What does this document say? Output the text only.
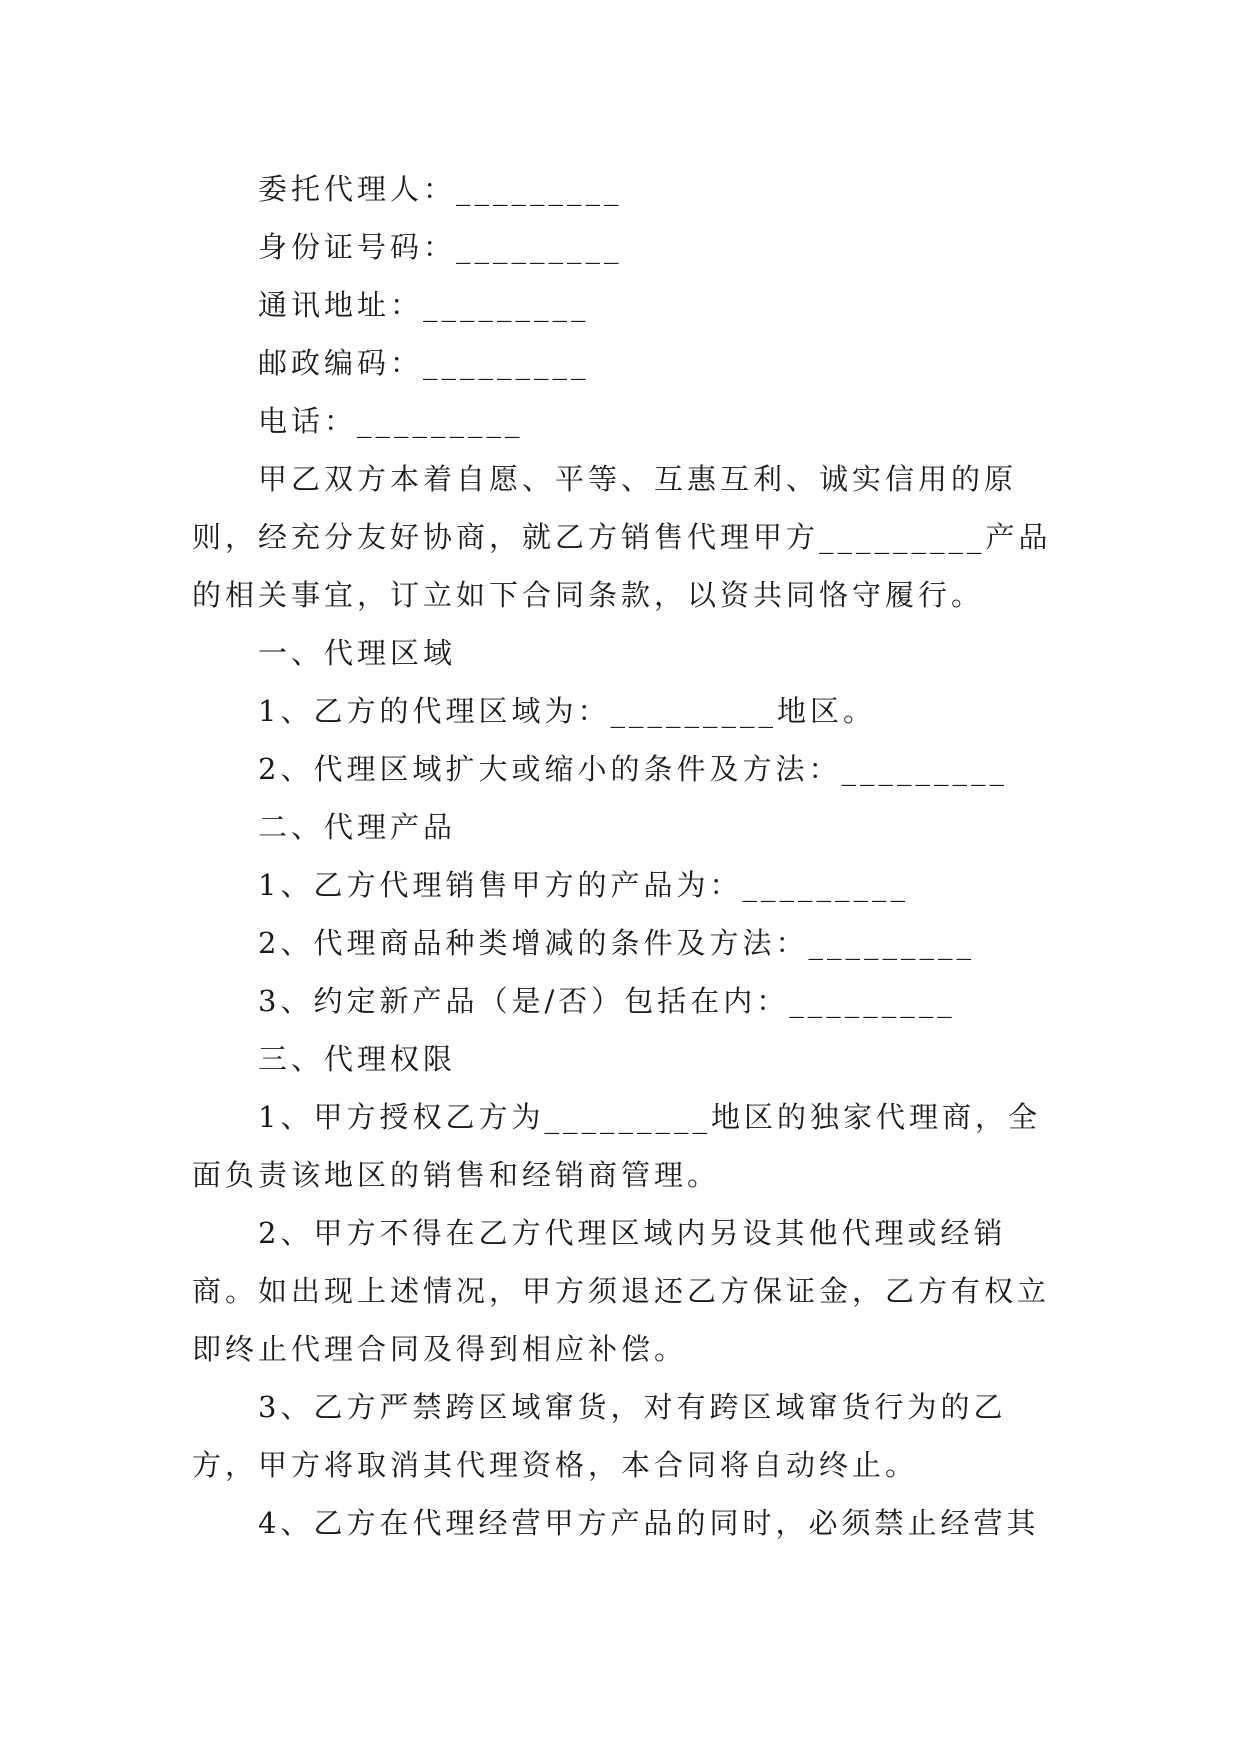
委托代理人：_________

身份证号码：_________

通讯地址：_________

邮政编码：_________

电话：_________

甲乙双方本着自愿、平等、互惠互利、诚实信用的原则，经充分友好协商，就乙方销售代理甲方_________产品的相关事宜，订立如下合同条款，以资共同恪守履行。

一、代理区域

1、乙方的代理区域为：_________地区。

2、代理区域扩大或缩小的条件及方法：_________

二、代理产品

1、乙方代理销售甲方的产品为：_________

2、代理商品种类增减的条件及方法：_________

3、约定新产品（是/否）包括在内：_________

三、代理权限

1、甲方授权乙方为_________地区的独家代理商，全面负责该地区的销售和经销商管理。

2、甲方不得在乙方代理区域内另设其他代理或经销商。如出现上述情况，甲方须退还乙方保证金，乙方有权立即终止代理合同及得到相应补偿。

3、乙方严禁跨区域窜货，对有跨区域窜货行为的乙方，甲方将取消其代理资格，本合同将自动终止。

4、乙方在代理经营甲方产品的同时，必须禁止经营其
